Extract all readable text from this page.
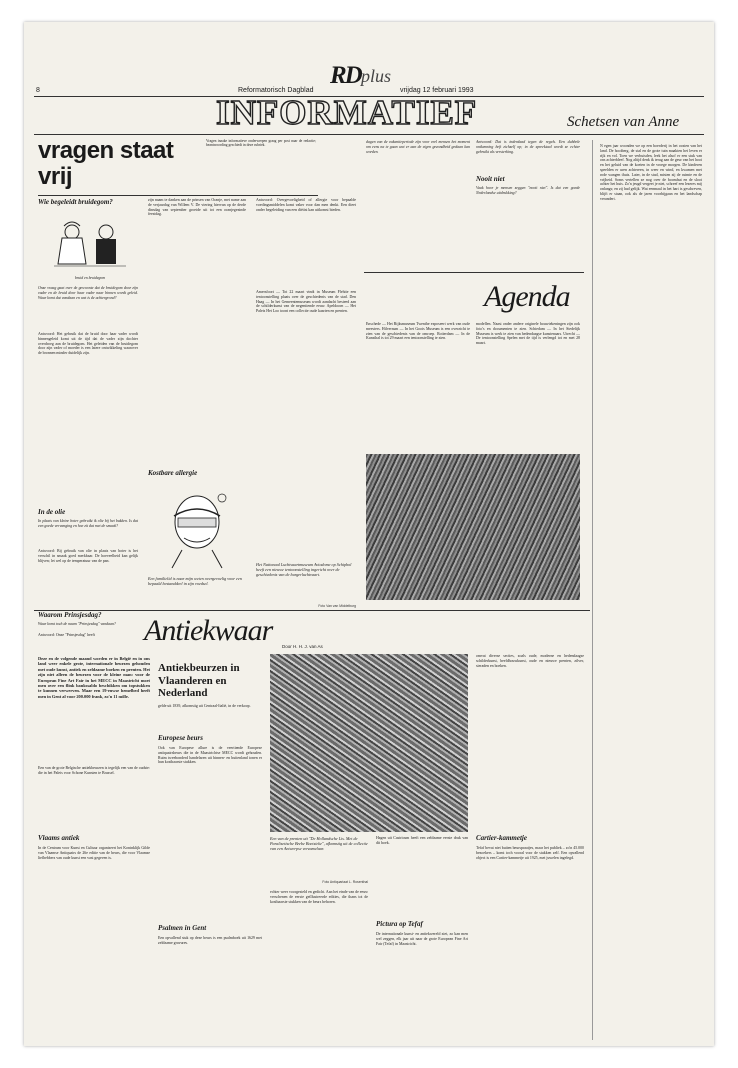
8	Reformatorisch Dagblad
RD plus
vrijdag 12 februari 1993
INFORMATIEF	Schetsen van Anne
vragen staat vrij
Vragen inzake informatieve onderwerpen graag per post naar de redactie; beantwoording geschiedt in deze rubriek.
Wie begeleidt bruidegom?
bruid en bruidegom
Onze vraag gaat over de gewoonte dat de bruidegom door zijn vader en de bruid door haar vader naar binnen wordt geleid. Waar komt dat vandaan en wat is de achtergrond?
Antwoord: Het gebruik dat de bruid door haar vader wordt binnengeleid komt uit de tijd dat de vader zijn dochter overdroeg aan de bruidegom. Het geleiden van de bruidegom door zijn vader of moeder is een latere ontwikkeling waarover de bronnen minder duidelijk zijn.
In de olie
In plaats van kleine boter gebruikt ik olie bij het bakken. Is dat een goede vervanging en hoe zit dat met de smaak?
Antwoord: Bij gebruik van olie in plaats van boter is het verschil in smaak goed merkbaar. De hoeveelheid kan gelijk blijven; let wel op de temperatuur van de pan.
Waarom Prinsjesdag?
Waar komt toch de naam "Prinsjesdag" vandaan?
Antwoord: Onze "Prinsjesdag" heeft
zijn naam te danken aan de prinsen van Oranje, met name aan de verjaardag van Willem V. De viering hiervan op de derde dinsdag van september groeide uit tot een oranjegezinde feestdag.
Kostbare allergie
Een familielid is naar mijn weten overgevoelig voor een bepaald bestanddeel in zijn voedsel.
Antwoord: Overgevoeligheid of allergie voor bepaalde voedingsmiddelen komt vaker voor dan men denkt. Een dieet onder begeleiding van een diëtist kan uitkomst bieden.
dagen van de vakantieperiode zijn voor veel mensen het moment om eens na te gaan wat er aan de eigen gezondheid gedaan kan worden.
Antwoord: Dat is inderdaad tegen de regels. Een dubbele ontkenning heft zichzelf op; in de spreektaal wordt ze echter gebruikt als versterking.
Nooit niet
Vaak hoor je mensen zeggen "nooit niet". Is dat een goede Nederlandse uitdrukking?
Agenda
Amersfoort — Tot 22 maart vindt in Museum Flehite een tentoonstelling plaats over de geschiedenis van de stad. Den Haag — In het Gemeentemuseum wordt aandacht besteed aan de schilderkunst van de negentiende eeuw. Apeldoorn — Het Paleis Het Loo toont een collectie oude kaarten en prenten.
Enschede — Het Rijksmuseum Twenthe exposeert werk van oude meesters. Hilversum — In het Goois Museum is een overzicht te zien van de geschiedenis van de omroep. Rotterdam — In de Kunsthal is tot 29 maart een tentoonstelling te zien.
modellen. Naast onder andere originele bouwtekeningen zijn ook foto's en documenten te zien. Schiedam — In het Stedelijk Museum is werk te zien van hedendaagse kunstenaars. Utrecht — De tentoonstelling Spelen met de tijd is verlengd tot en met 28 maart.
Het Nationaal Luchtvaartmuseum Aviodome op Schiphol heeft een nieuwe tentoonstelling ingericht over de geschiedenis van de burgerluchtvaart.
Foto Van van Middelburg
N egen jaar woonden we op een boerderij in het oosten van het land. De hooiberg, de stal en de grote tuin maakten het leven er rijk en vol. Toen we verhuisden, leek het alsof er een stuk van ons achterbleef. Nog altijd denk ik terug aan de geur van het hooi en het geluid van de koeien in de vroege morgen. De kinderen speelden er uren achtereen, in weer en wind, en kwamen met rode wangen thuis. Later, in de stad, misten zij de ruimte en de vrijheid. Soms vertellen ze nog over de boomhut en de sloot achter het huis. Zo'n jeugd vergeet je niet, schreef een lezeres mij onlangs; en zij had gelijk. Wat eenmaal in het hart is geschreven, blijft er staan, ook als de jaren voorbijgaan en het landschap verandert.
Antiekwaar Door H. H. J. van As
Deze en de volgende maand worden er in België en in ons land weer enkele grote, internationale beurzen gehouden met oude kunst, antiek en zeldzame boeken en prenten. Het zijn niet alleen de beurzen voor de kleine man: voor de European Fine Art Fair in het MECC in Maastricht moet men over een flink bankssaldo beschikken om topstukken te kunnen verwerven. Maar een 19-euwse hemelbed heeft men in Gent al voor 200.000 frank, zo'n 11 mille.
Een van de grote Belgische antiekbeurzen is tegelijk een van de oudste: die in het Paleis voor Schone Kunsten te Brussel.
Vlaams antiek
In de Centrum voor Kunst en Cultuur organiseert het Koninklijk Gilde van Vlaamse Antiquairs de 26e editie van de beurs, die voor Vlaamse liefhebbers van oude kunst een vast gegeven is.
Antiekbeurzen in Vlaanderen en Nederland
gelde uit 1839, afkomstig uit Centraal-Italië, in de verkoop.
Europese beurs
Ook van Europese allure is de veertiende Europese antiquairsbeurs die in de Maastrichtse MECC wordt gehouden. Ruim tweehonderd handelaren uit binnen- en buitenland tonen er hun kostbaarste stukken.
Psalmen in Gent
Een opvallend stuk op deze beurs is een psalmboek uit 1629 met zeldzame gravures.
Een van de prenten uit "De Hollandsche Lis. Met de Paralisetische Brebe Boetsieke", afkomstig uit de collectie van een Antwerpse verzamelaar.
Foto Antiquariaat L. Rosenthal
echter weer voorgesteld en gedicht. Aan het einde van de eeuw verschenen de eerste geïllustreerde edities, die thans tot de kostbaarste stukken van de beurs behoren.
Hagen uit Castricum heeft een zeldzame eerste druk van dit boek.
Pictura op Tefaf
De internationale kunst- en antiekwereld ziet, zo kan men wel zeggen, elk jaar uit naar de grote European Fine Art Fair (Tefaf) in Maastricht.
omvat diverse secties, zoals oude, moderne en hedendaagse schilderkunst, beeldhouwkunst, oude en nieuwe prenten, zilver, sieraden en boeken.
Cartier-kammetje
Tefaf bevat niet buiten beurspraatjes, maar het publiek – zo'n 45.000 bezoekers – komt toch vooral voor de stukken zelf. Een opvallend object is een Cartier-kammetje uit 1925, met juwelen ingelegd.
